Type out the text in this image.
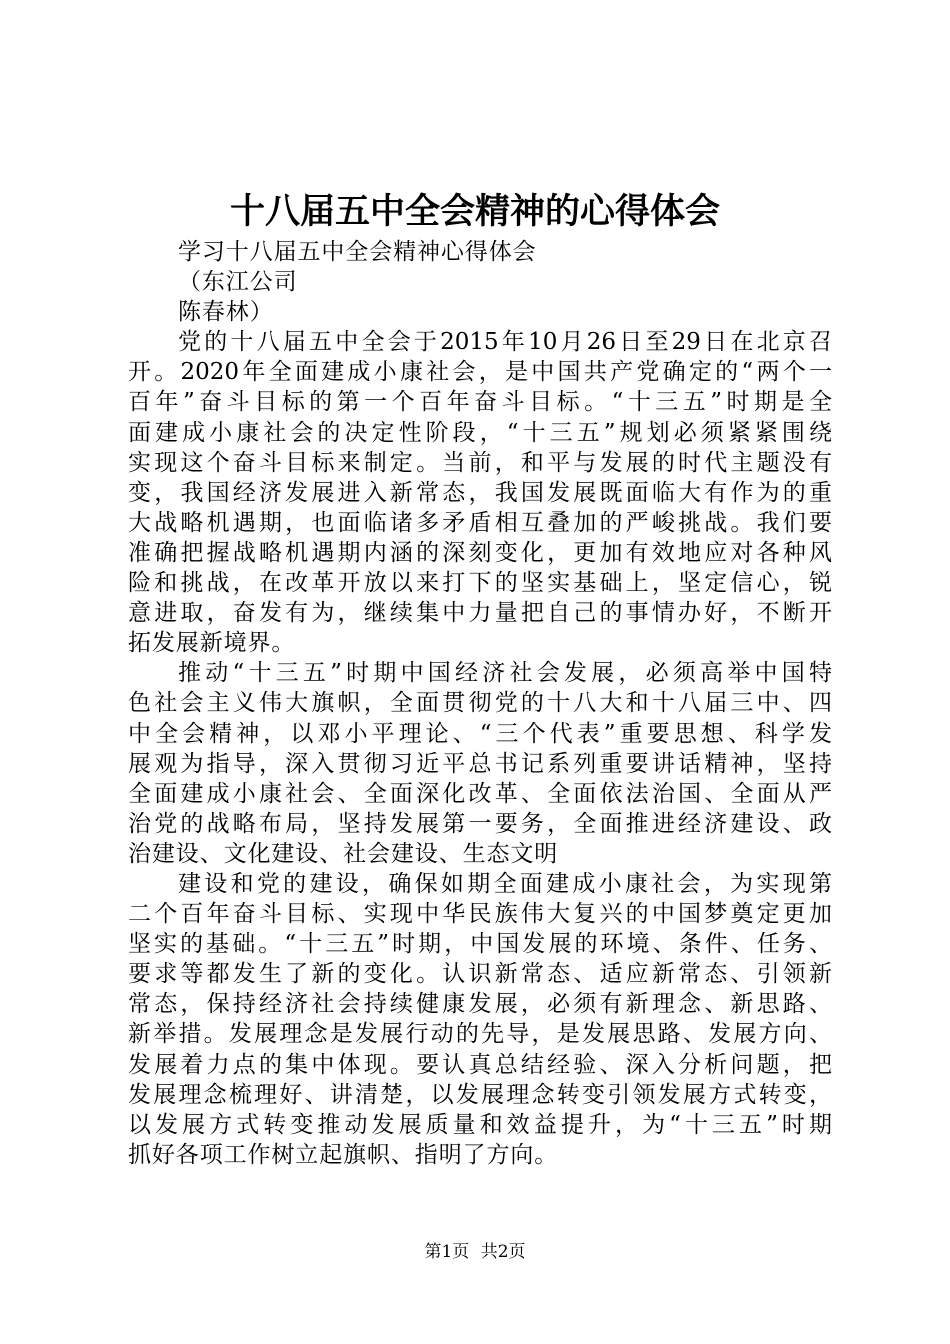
十八届五中全会精神的心得体会
学习十八届五中全会精神心得体会
（东江公司
陈春林）
党的十八届五中全会于2015年10月26日至29日在北京召
开。2020年全面建成小康社会，是中国共产党确定的“两个一
百年”奋斗目标的第一个百年奋斗目标。“十三五”时期是全
面建成小康社会的决定性阶段，“十三五”规划必须紧紧围绕
实现这个奋斗目标来制定。当前，和平与发展的时代主题没有
变，我国经济发展进入新常态，我国发展既面临大有作为的重
大战略机遇期，也面临诸多矛盾相互叠加的严峻挑战。我们要
准确把握战略机遇期内涵的深刻变化，更加有效地应对各种风
险和挑战，在改革开放以来打下的坚实基础上，坚定信心，锐
意进取，奋发有为，继续集中力量把自己的事情办好，不断开
拓发展新境界。
推动“十三五”时期中国经济社会发展，必须高举中国特
色社会主义伟大旗帜，全面贯彻党的十八大和十八届三中、四
中全会精神，以邓小平理论、“三个代表”重要思想、科学发
展观为指导，深入贯彻习近平总书记系列重要讲话精神，坚持
全面建成小康社会、全面深化改革、全面依法治国、全面从严
治党的战略布局，坚持发展第一要务，全面推进经济建设、政
治建设、文化建设、社会建设、生态文明
建设和党的建设，确保如期全面建成小康社会，为实现第
二个百年奋斗目标、实现中华民族伟大复兴的中国梦奠定更加
坚实的基础。“十三五”时期，中国发展的环境、条件、任务、
要求等都发生了新的变化。认识新常态、适应新常态、引领新
常态，保持经济社会持续健康发展，必须有新理念、新思路、
新举措。发展理念是发展行动的先导，是发展思路、发展方向、
发展着力点的集中体现。要认真总结经验、深入分析问题，把
发展理念梳理好、讲清楚，以发展理念转变引领发展方式转变，
以发展方式转变推动发展质量和效益提升，为“十三五”时期
抓好各项工作树立起旗帜、指明了方向。
第1页 共2页
